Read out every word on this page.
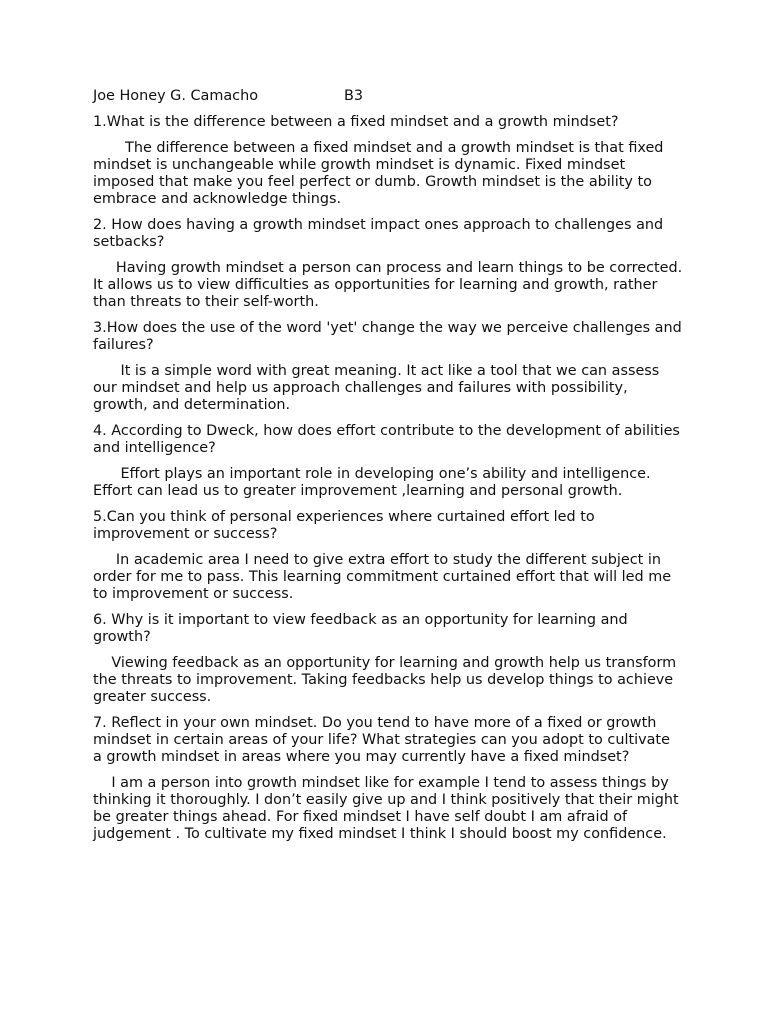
Joe Honey G. Camacho	B3
1.What is the difference between a fixed mindset and a growth mindset?
The difference between a fixed mindset and a growth mindset is that fixed mindset is unchangeable while growth mindset is dynamic. Fixed mindset imposed that make you feel perfect or dumb. Growth mindset is the ability to embrace and acknowledge things.
2. How does having a growth mindset impact ones approach to challenges and setbacks?
Having growth mindset a person can process and learn things to be corrected. It allows us to view difficulties as opportunities for learning and growth, rather than threats to their self-worth.
3.How does the use of the word 'yet' change the way we perceive challenges and failures?
It is a simple word with great meaning. It act like a tool that we can assess our mindset and help us approach challenges and failures with possibility, growth, and determination.
4. According to Dweck, how does effort contribute to the development of abilities and intelligence?
Effort plays an important role in developing one’s ability and intelligence. Effort can lead us to greater improvement ,learning and personal growth.
5.Can you think of personal experiences where curtained effort led to improvement or success?
In academic area I need to give extra effort to study the different subject in order for me to pass. This learning commitment curtained effort that will led me to improvement or success.
6. Why is it important to view feedback as an opportunity for learning and growth?
Viewing feedback as an opportunity for learning and growth help us transform the threats to improvement. Taking feedbacks help us develop things to achieve greater success.
7. Reflect in your own mindset. Do you tend to have more of a fixed or growth mindset in certain areas of your life? What strategies can you adopt to cultivate a growth mindset in areas where you may currently have a fixed mindset?
I am a person into growth mindset like for example I tend to assess things by thinking it thoroughly. I don’t easily give up and I think positively that their might be greater things ahead. For fixed mindset I have self doubt I am afraid of judgement . To cultivate my fixed mindset I think I should boost my confidence.
